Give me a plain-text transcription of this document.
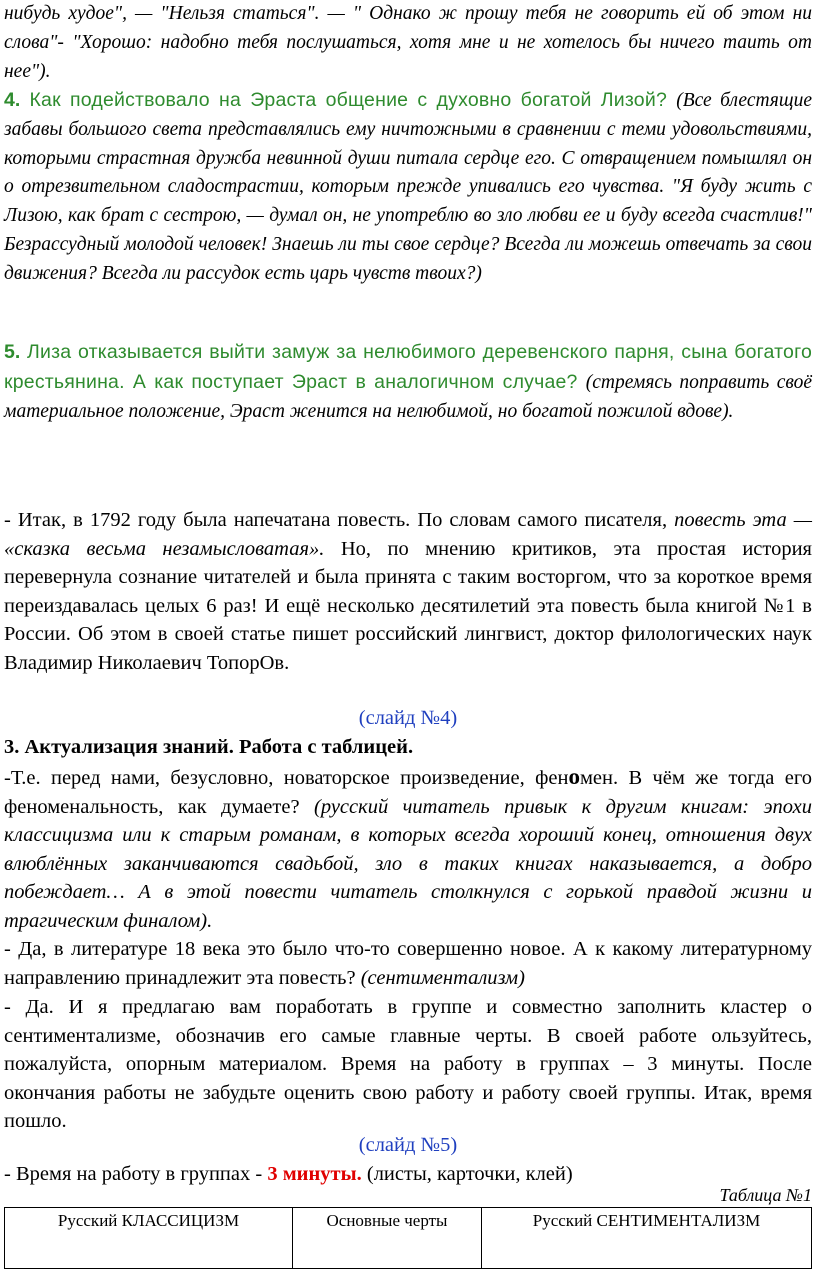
нибудь худое", — "Нельзя статься". — " Однако ж прошу тебя не говорить ей об этом ни слова"- "Хорошо: надобно тебя послушаться, хотя мне и не хотелось бы ничего таить от нее").

4. Как подействовало на Эраста общение с духовно богатой Лизой? (Все блестящие забавы большого света представлялись ему ничтожными в сравнении с теми удовольствиями, которыми страстная дружба невинной души питала сердце его. С отвращением помышлял он о отрезвительном сладострастии, которым прежде упивались его чувства. "Я буду жить с Лизою, как брат с сестрою, — думал он, не употреблю во зло любви ее и буду всегда счастлив!" Безрассудный молодой человек! Знаешь ли ты свое сердце? Всегда ли можешь отвечать за свои движения? Всегда ли рассудок есть царь чувств твоих?)

5. Лиза отказывается выйти замуж за нелюбимого деревенского парня, сына богатого крестьянина. А как поступает Эраст в аналогичном случае? (стремясь поправить своё материальное положение, Эраст женится на нелюбимой, но богатой пожилой вдове).

- Итак, в 1792 году была напечатана повесть. По словам самого писателя, повесть эта — «сказка весьма незамысловатая». Но, по мнению критиков, эта простая история перевернула сознание читателей и была принята с таким восторгом, что за короткое время переиздавалась целых 6 раз! И ещё несколько десятилетий эта повесть была книгой №1 в России. Об этом в своей статье пишет российский лингвист, доктор филологических наук Владимир Николаевич ТопорОв.

(слайд №4)

3. Актуализация знаний. Работа с таблицей.

-Т.е. перед нами, безусловно, новаторское произведение, феномен. В чём же тогда его феноменальность, как думаете? (русский читатель привык к другим книгам: эпохи классицизма или к старым романам, в которых всегда хороший конец, отношения двух влюблённых заканчиваются свадьбой, зло в таких книгах наказывается, а добро побеждает… А в этой повести читатель столкнулся с горькой правдой жизни и трагическим финалом).

- Да, в литературе 18 века это было что-то совершенно новое. А к какому литературному направлению принадлежит эта повесть? (сентиментализм)

- Да. И я предлагаю вам поработать в группе и совместно заполнить кластер о сентиментализме, обозначив его самые главные черты. В своей работе ользуйтесь, пожалуйста, опорным материалом. Время на работу в группах – 3 минуты. После окончания работы не забудьте оценить свою работу и работу своей группы. Итак, время пошло.

(слайд №5)

- Время на работу в группах - 3 минуты. (листы, карточки, клей)

Таблица №1
Русский КЛАССИЦИЗМ	Основные черты	Русский СЕНТИМЕНТАЛИЗМ
